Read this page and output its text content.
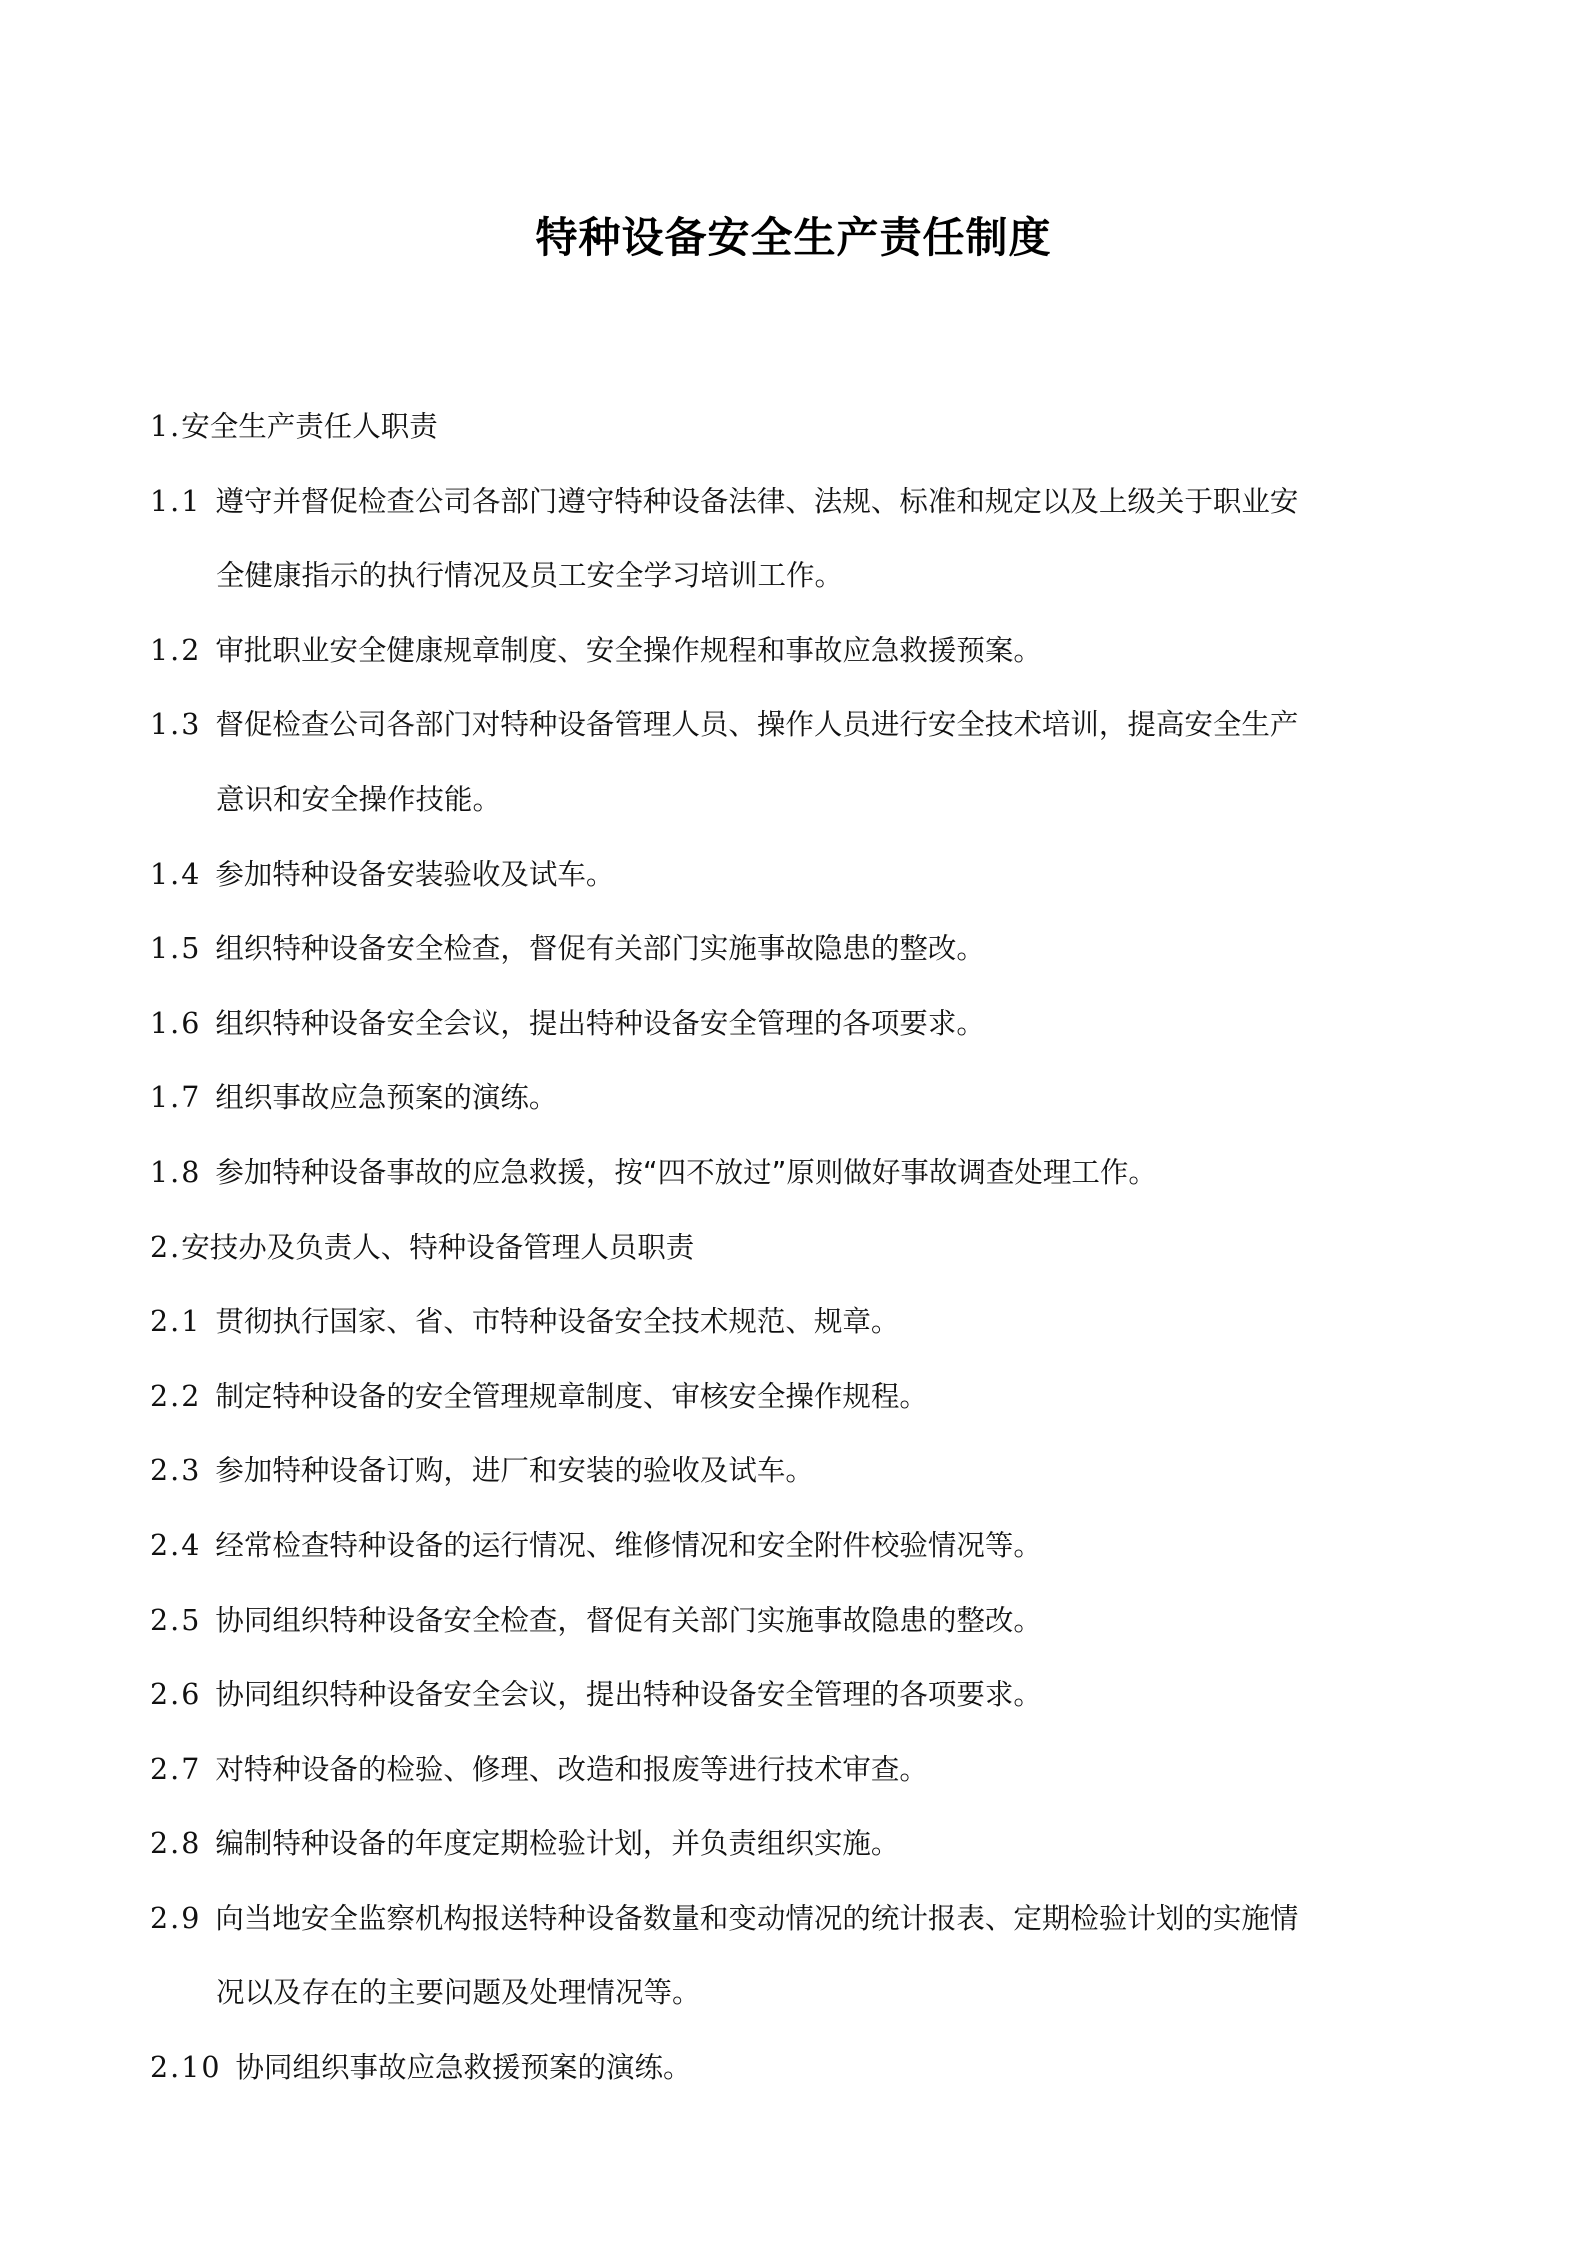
特种设备安全生产责任制度
1.安全生产责任人职责
1.1 遵守并督促检查公司各部门遵守特种设备法律、法规、标准和规定以及上级关于职业安
全健康指示的执行情况及员工安全学习培训工作。
1.2 审批职业安全健康规章制度、安全操作规程和事故应急救援预案。
1.3 督促检查公司各部门对特种设备管理人员、操作人员进行安全技术培训，提高安全生产
意识和安全操作技能。
1.4 参加特种设备安装验收及试车。
1.5 组织特种设备安全检查，督促有关部门实施事故隐患的整改。
1.6 组织特种设备安全会议，提出特种设备安全管理的各项要求。
1.7 组织事故应急预案的演练。
1.8 参加特种设备事故的应急救援，按“四不放过”原则做好事故调查处理工作。
2.安技办及负责人、特种设备管理人员职责
2.1 贯彻执行国家、省、市特种设备安全技术规范、规章。
2.2 制定特种设备的安全管理规章制度、审核安全操作规程。
2.3 参加特种设备订购，进厂和安装的验收及试车。
2.4 经常检查特种设备的运行情况、维修情况和安全附件校验情况等。
2.5 协同组织特种设备安全检查，督促有关部门实施事故隐患的整改。
2.6 协同组织特种设备安全会议，提出特种设备安全管理的各项要求。
2.7 对特种设备的检验、修理、改造和报废等进行技术审查。
2.8 编制特种设备的年度定期检验计划，并负责组织实施。
2.9 向当地安全监察机构报送特种设备数量和变动情况的统计报表、定期检验计划的实施情
况以及存在的主要问题及处理情况等。
2.10 协同组织事故应急救援预案的演练。
